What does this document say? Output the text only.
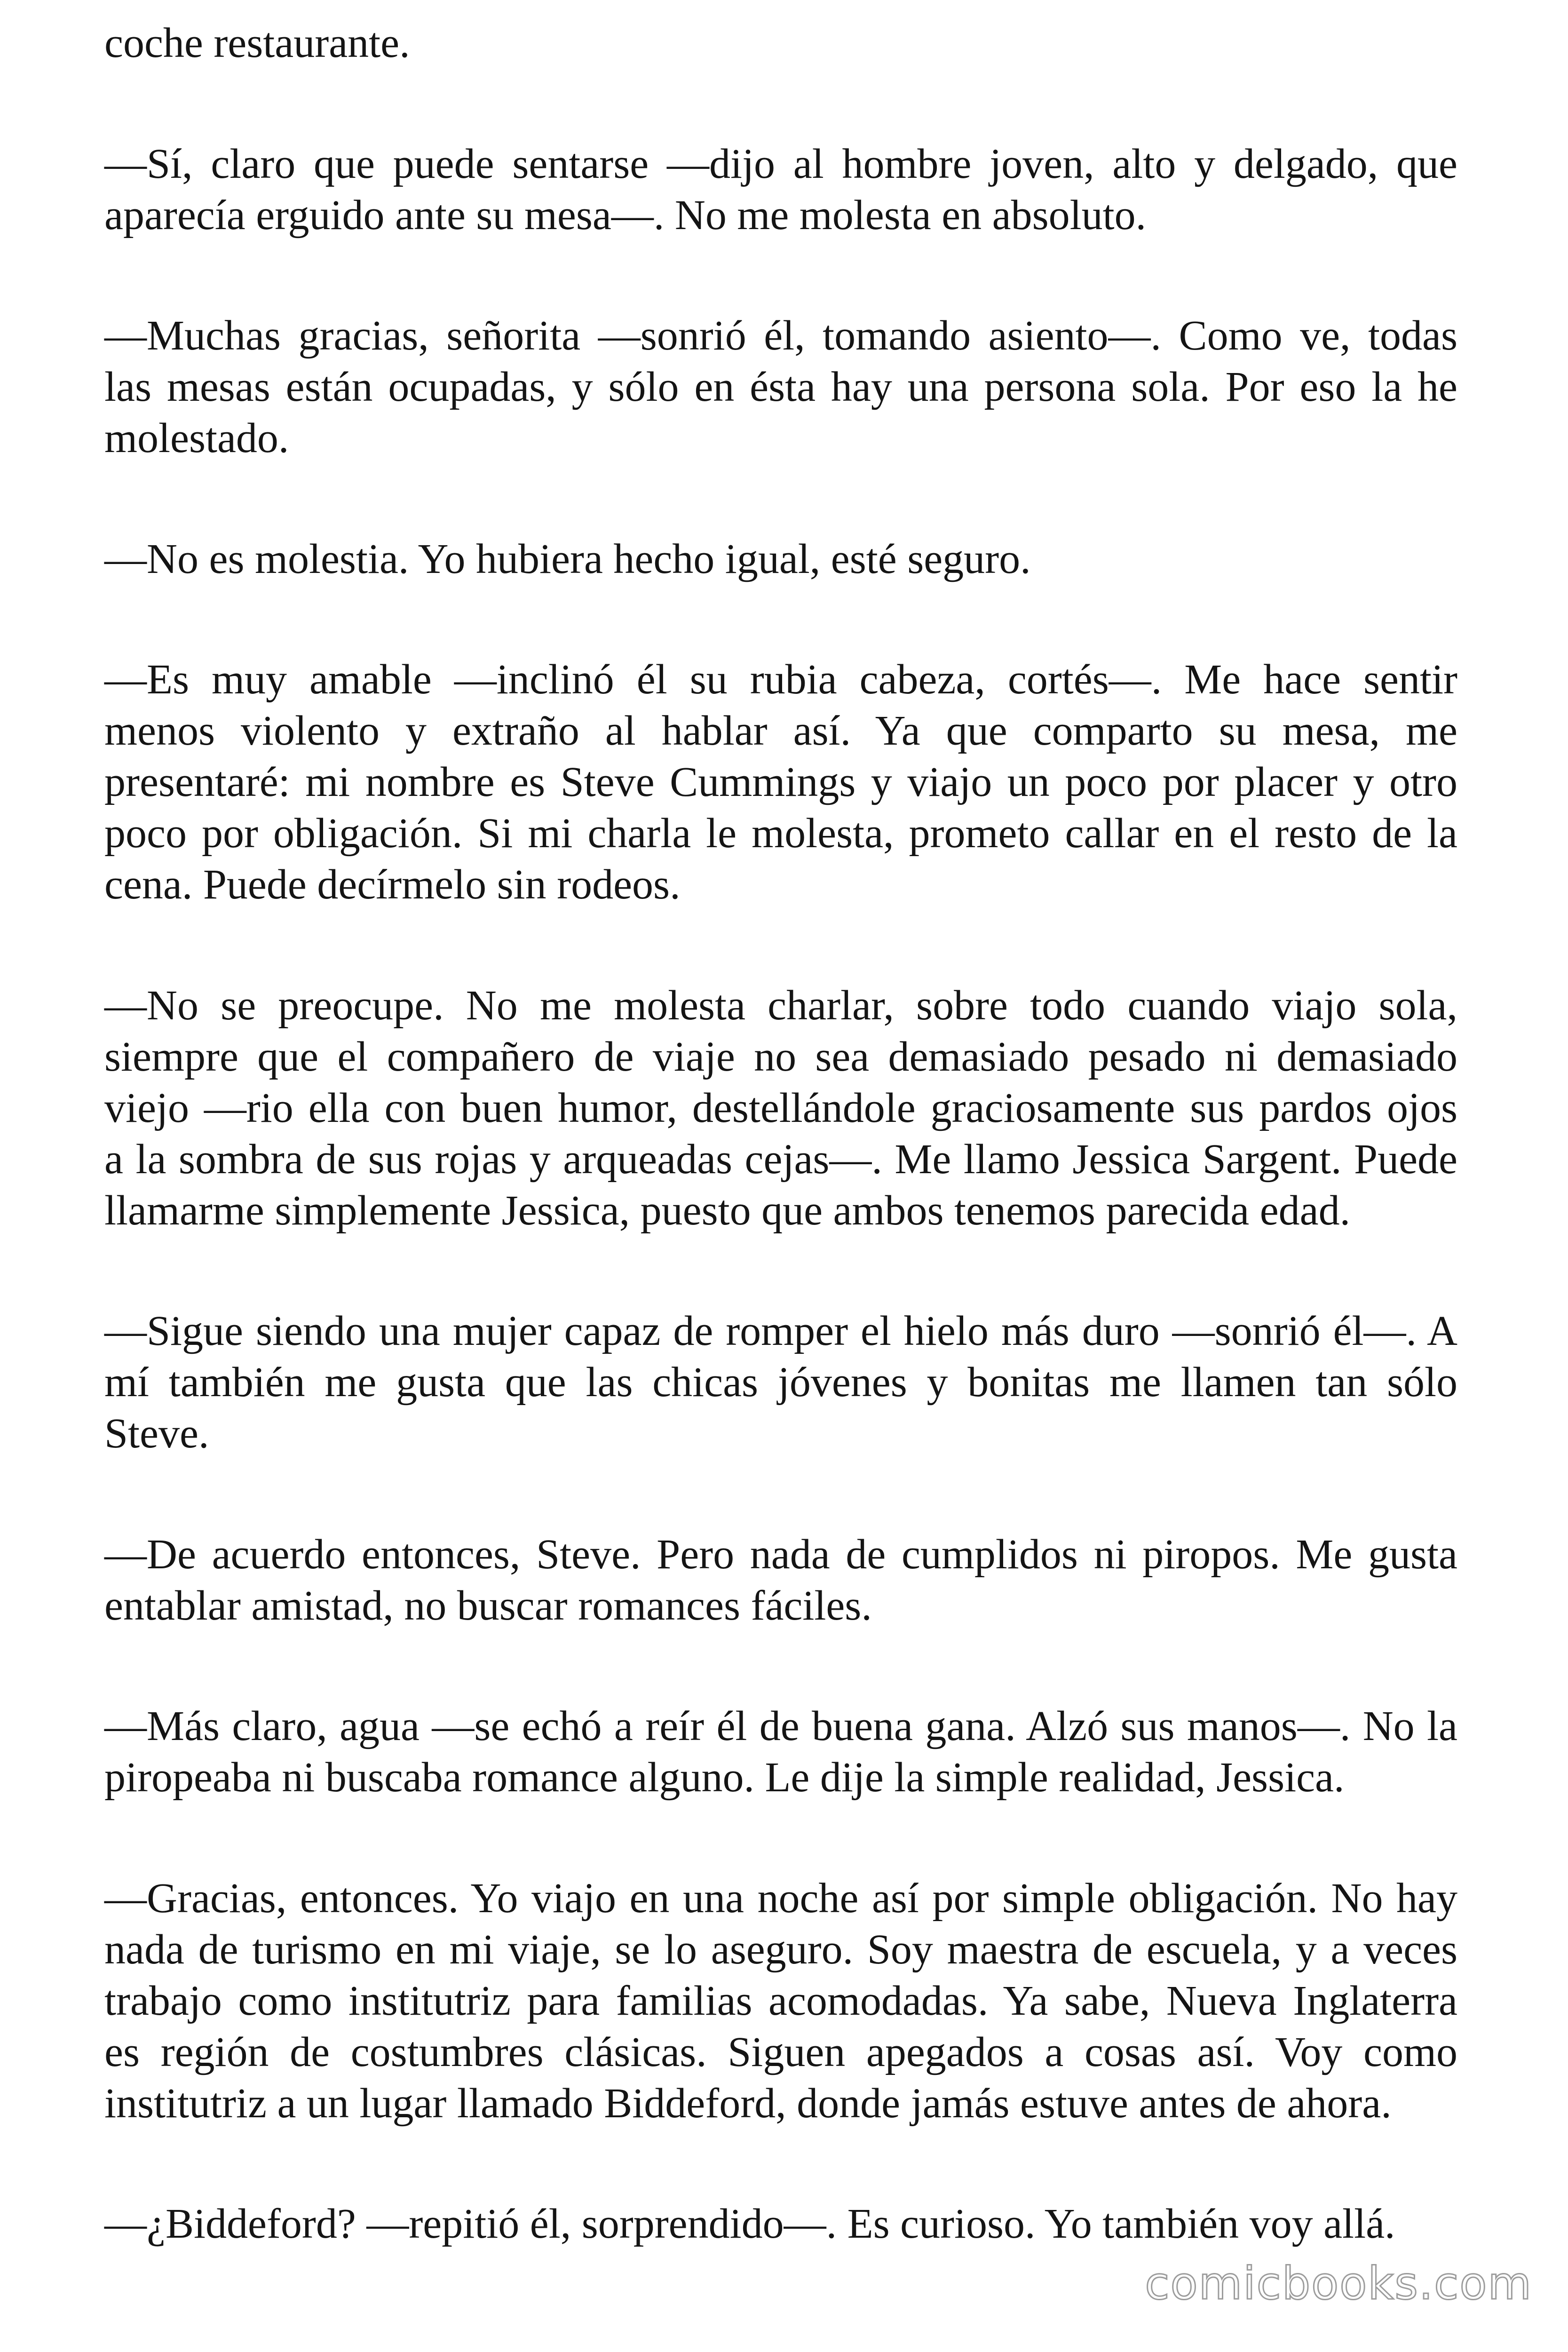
coche restaurante.
—Sí, claro que puede sentarse —dijo al hombre joven, alto y delgado, que
aparecía erguido ante su mesa—. No me molesta en absoluto.
—Muchas gracias, señorita —sonrió él, tomando asiento—. Como ve, todas
las mesas están ocupadas, y sólo en ésta hay una persona sola. Por eso la he
molestado.
—No es molestia. Yo hubiera hecho igual, esté seguro.
—Es muy amable —inclinó él su rubia cabeza, cortés—. Me hace sentir
menos violento y extraño al hablar así. Ya que comparto su mesa, me
presentaré: mi nombre es Steve Cummings y viajo un poco por placer y otro
poco por obligación. Si mi charla le molesta, prometo callar en el resto de la
cena. Puede decírmelo sin rodeos.
—No se preocupe. No me molesta charlar, sobre todo cuando viajo sola,
siempre que el compañero de viaje no sea demasiado pesado ni demasiado
viejo —rio ella con buen humor, destellándole graciosamente sus pardos ojos
a la sombra de sus rojas y arqueadas cejas—. Me llamo Jessica Sargent. Puede
llamarme simplemente Jessica, puesto que ambos tenemos parecida edad.
—Sigue siendo una mujer capaz de romper el hielo más duro —sonrió él—. A
mí también me gusta que las chicas jóvenes y bonitas me llamen tan sólo
Steve.
—De acuerdo entonces, Steve. Pero nada de cumplidos ni piropos. Me gusta
entablar amistad, no buscar romances fáciles.
—Más claro, agua —se echó a reír él de buena gana. Alzó sus manos—. No la
piropeaba ni buscaba romance alguno. Le dije la simple realidad, Jessica.
—Gracias, entonces. Yo viajo en una noche así por simple obligación. No hay
nada de turismo en mi viaje, se lo aseguro. Soy maestra de escuela, y a veces
trabajo como institutriz para familias acomodadas. Ya sabe, Nueva Inglaterra
es región de costumbres clásicas. Siguen apegados a cosas así. Voy como
institutriz a un lugar llamado Biddeford, donde jamás estuve antes de ahora.
—¿Biddeford? —repitió él, sorprendido—. Es curioso. Yo también voy allá.
comicbooks.com
